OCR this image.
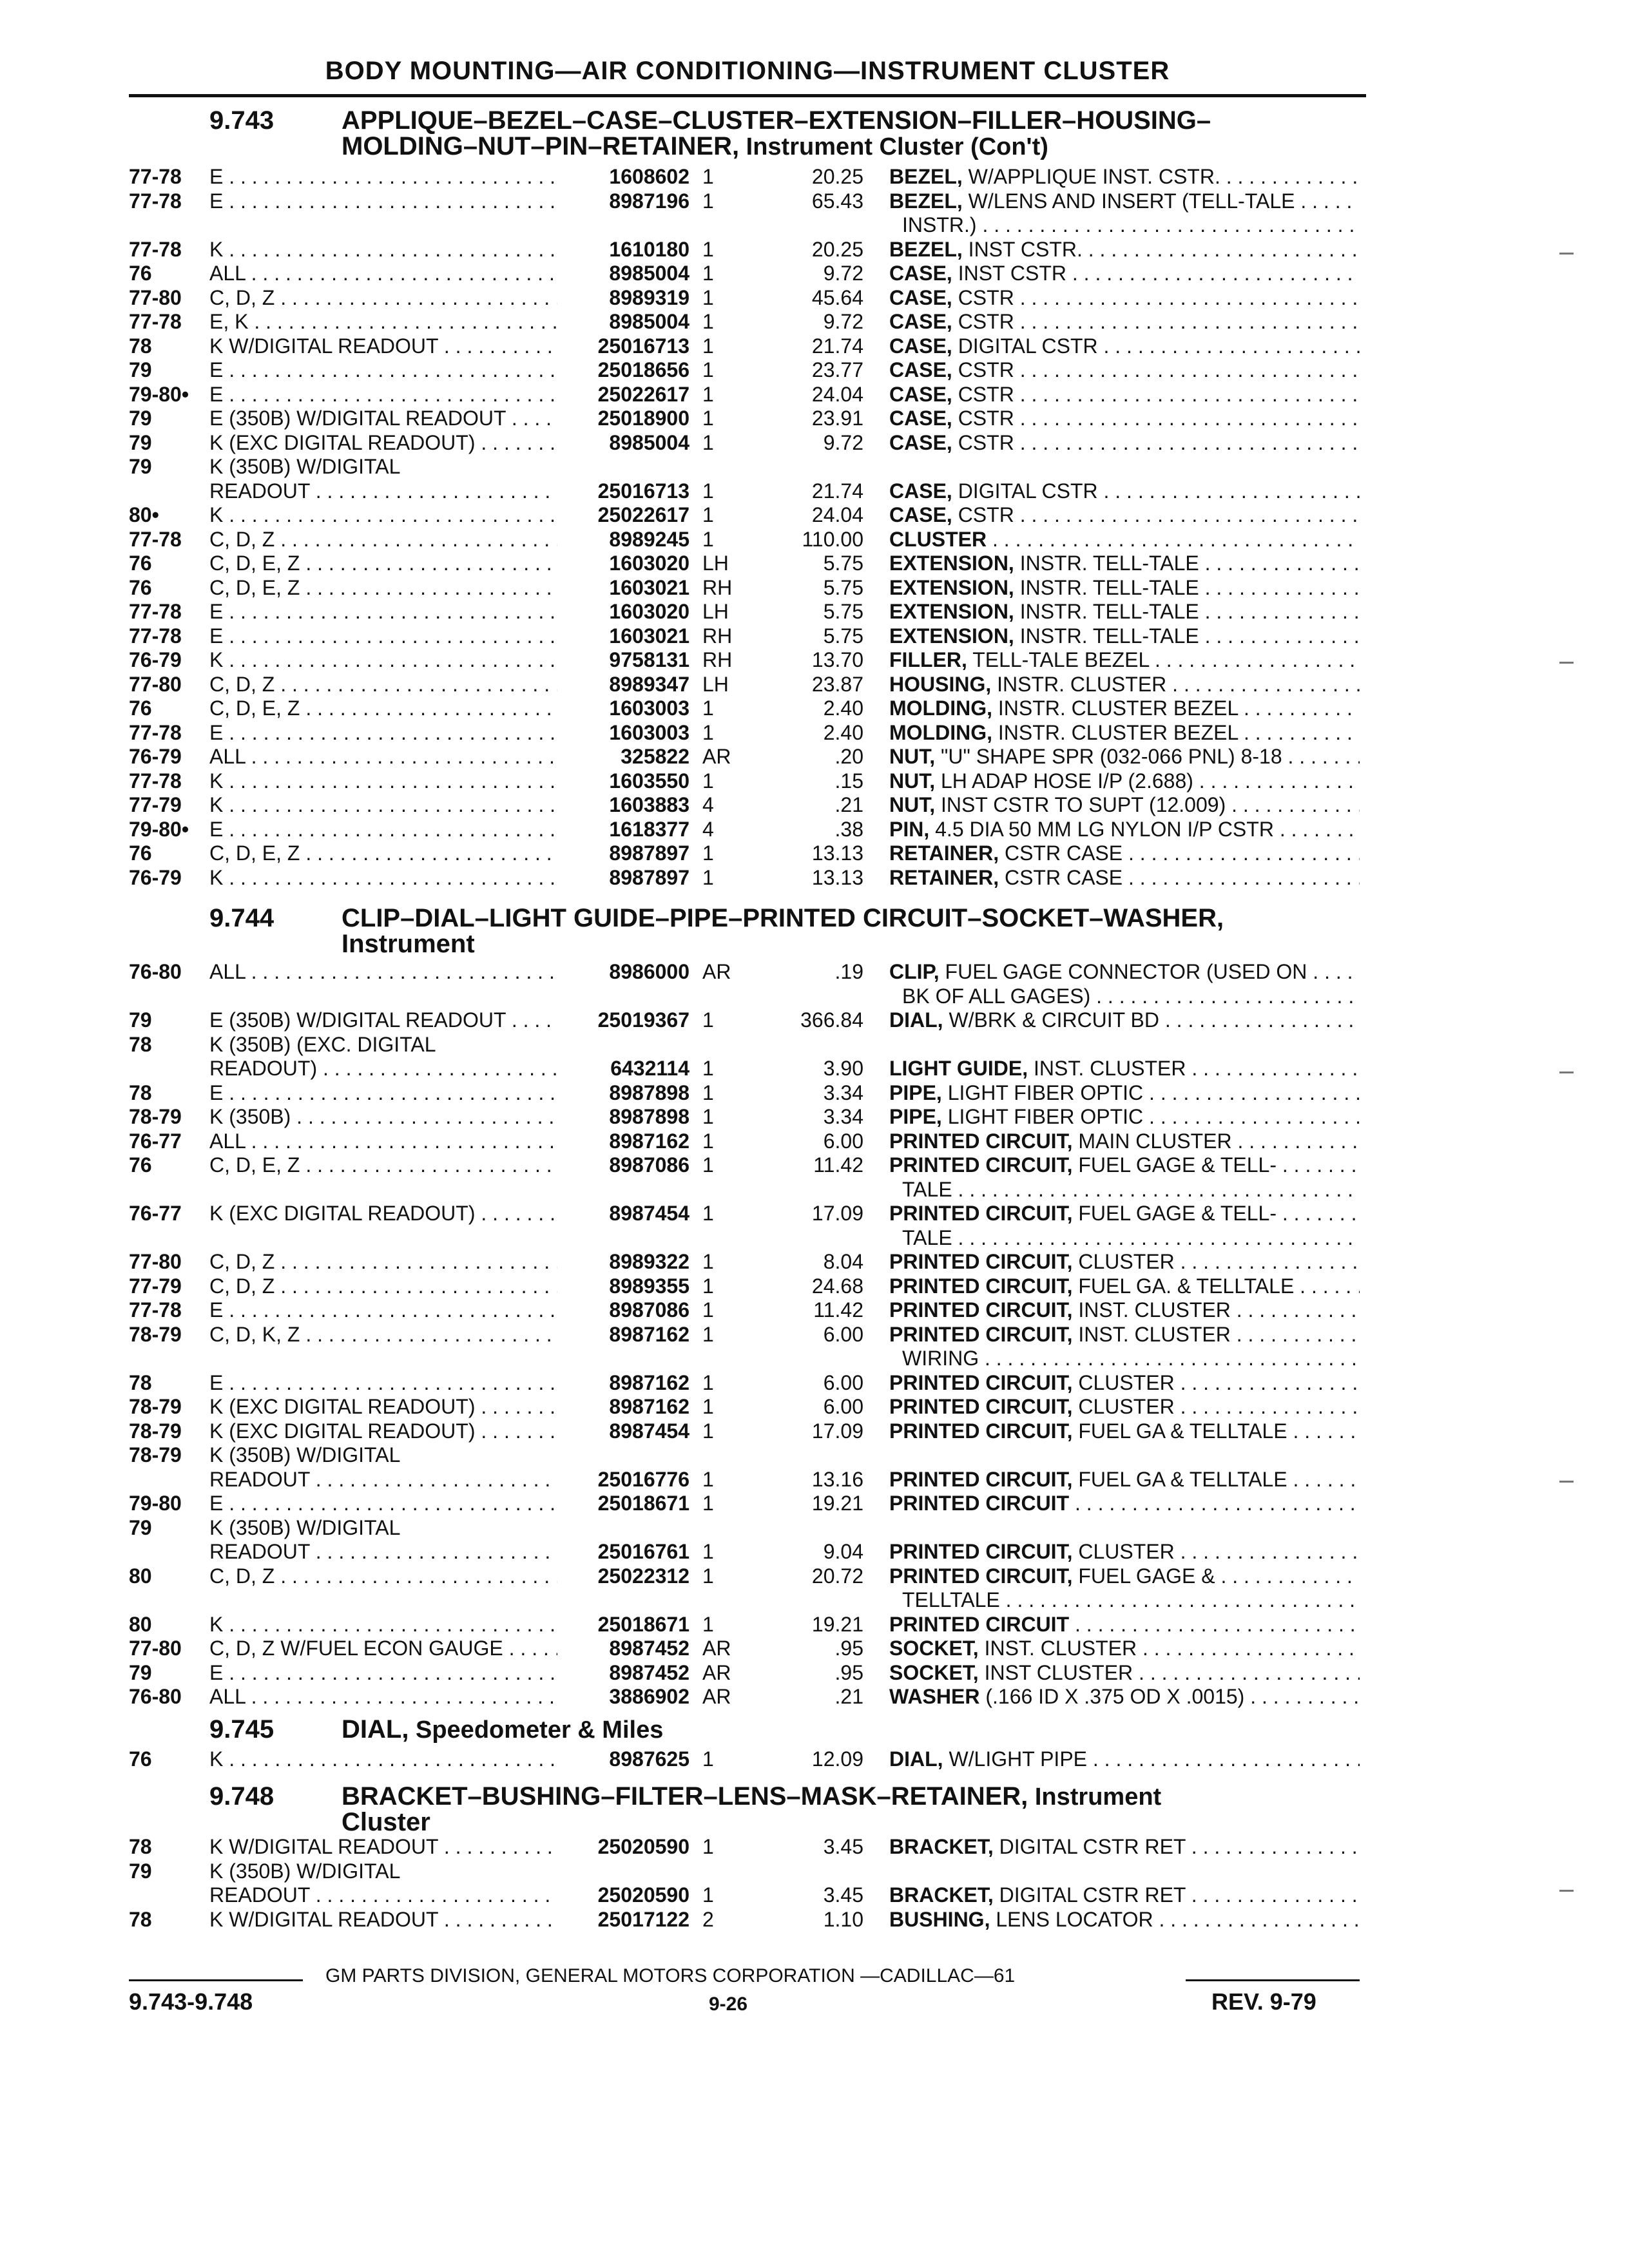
BODY MOUNTING—AIR CONDITIONING—INSTRUMENT CLUSTER
9.743	APPLIQUE–BEZEL–CASE–CLUSTER–EXTENSION–FILLER–HOUSING–
MOLDING–NUT–PIN–RETAINER, Instrument Cluster (Con't)
77-78	E . . .	1608602 1	20.25 BEZEL, W/APPLIQUE INST. CSTR. . . .
77-78	E . . .	8987196 1	65.43 BEZEL, W/LENS AND INSERT (TELL-TALE . . .
INSTR.) . . .
77-78	K . . .	1610180 1	20.25 BEZEL, INST CSTR. . . .
76	ALL . . .	8985004 1	9.72 CASE, INST CSTR . . .
77-80	C, D, Z . . .	8989319 1	45.64 CASE, CSTR . . .
77-78	E, K . . .	8985004 1	9.72 CASE, CSTR . . .
78	K W/DIGITAL READOUT . . .	25016713 1	21.74 CASE, DIGITAL CSTR . . .
79	E . . .	25018656 1	23.77 CASE, CSTR . . .
79-80• E . . .	25022617 1	24.04 CASE, CSTR . . .
79	E (350B) W/DIGITAL READOUT . . .	25018900 1	23.91 CASE, CSTR . . .
79	K (EXC DIGITAL READOUT) . . .	8985004 1	9.72 CASE, CSTR . . .
79	K (350B) W/DIGITAL
READOUT . . .	25016713 1	21.74 CASE, DIGITAL CSTR . . .
80•	K . . .	25022617 1	24.04 CASE, CSTR . . .
77-78	C, D, Z . . .	8989245 1	110.00 CLUSTER . . .
76	C, D, E, Z . . .	1603020 LH	5.75 EXTENSION, INSTR. TELL-TALE . . .
76	C, D, E, Z . . .	1603021 RH	5.75 EXTENSION, INSTR. TELL-TALE . . .
77-78	E . . .	1603020 LH	5.75 EXTENSION, INSTR. TELL-TALE . . .
77-78	E . . .	1603021 RH	5.75 EXTENSION, INSTR. TELL-TALE . . .
76-79	K . . .	9758131 RH	13.70 FILLER, TELL-TALE BEZEL . . .
77-80	C, D, Z . . .	8989347 LH	23.87 HOUSING, INSTR. CLUSTER . . .
76	C, D, E, Z . . .	1603003 1	2.40 MOLDING, INSTR. CLUSTER BEZEL . . .
77-78	E . . .	1603003 1	2.40 MOLDING, INSTR. CLUSTER BEZEL . . .
76-79	ALL . . .	325822 AR	.20 NUT, "U" SHAPE SPR (032-066 PNL) 8-18 . . .
77-78	K . . .	1603550 1	.15 NUT, LH ADAP HOSE I/P (2.688) . . .
77-79	K . . .	1603883 4	.21 NUT, INST CSTR TO SUPT (12.009) . . .
79-80• E . . .	1618377 4	.38 PIN, 4.5 DIA 50 MM LG NYLON I/P CSTR . . . .
76	C, D, E, Z . . .	8987897 1	13.13 RETAINER, CSTR CASE . . .
76-79	K . . .	8987897 1	13.13 RETAINER, CSTR CASE . . .
9.744	CLIP–DIAL–LIGHT GUIDE–PIPE–PRINTED CIRCUIT–SOCKET–WASHER,
Instrument
76-80	ALL . . .	8986000 AR	.19 CLIP, FUEL GAGE CONNECTOR (USED ON . . .
BK OF ALL GAGES) . . .
79	E (350B) W/DIGITAL READOUT . . .	25019367 1	366.84 DIAL, W/BRK & CIRCUIT BD . . .
78	K (350B) (EXC. DIGITAL
READOUT) . . .	6432114 1	3.90 LIGHT GUIDE, INST. CLUSTER . . .
78	E . . .	8987898 1	3.34 PIPE, LIGHT FIBER OPTIC . . .
78-79	K (350B) . . .	8987898 1	3.34 PIPE, LIGHT FIBER OPTIC . . .
76-77	ALL . . .	8987162 1	6.00 PRINTED CIRCUIT, MAIN CLUSTER . . .
76	C, D, E, Z . . .	8987086 1	11.42 PRINTED CIRCUIT, FUEL GAGE & TELL- . . .
TALE . . .
76-77	K (EXC DIGITAL READOUT) . . .	8987454 1	17.09 PRINTED CIRCUIT, FUEL GAGE & TELL- . . .
TALE . . .
77-80	C, D, Z . . .	8989322 1	8.04 PRINTED CIRCUIT, CLUSTER . . .
77-79	C, D, Z . . .	8989355 1	24.68 PRINTED CIRCUIT, FUEL GA. & TELLTALE . . .
77-78	E . . .	8987086 1	11.42 PRINTED CIRCUIT, INST. CLUSTER . . .
78-79	C, D, K, Z . . .	8987162 1	6.00 PRINTED CIRCUIT, INST. CLUSTER . . .
WIRING . . .
78	E . . .	8987162 1	6.00 PRINTED CIRCUIT, CLUSTER . . .
78-79	K (EXC DIGITAL READOUT) . . .	8987162 1	6.00 PRINTED CIRCUIT, CLUSTER . . .
78-79	K (EXC DIGITAL READOUT) . . .	8987454 1	17.09 PRINTED CIRCUIT, FUEL GA & TELLTALE . . .
78-79	K (350B) W/DIGITAL
READOUT . . .	25016776 1	13.16 PRINTED CIRCUIT, FUEL GA & TELLTALE . . .
79-80	E . . .	25018671 1	19.21 PRINTED CIRCUIT . . .
79	K (350B) W/DIGITAL
READOUT . . .	25016761 1	9.04 PRINTED CIRCUIT, CLUSTER . . .
80	C, D, Z . . .	25022312 1	20.72 PRINTED CIRCUIT, FUEL GAGE & . . .
TELLTALE . . .
80	K . . .	25018671 1	19.21 PRINTED CIRCUIT . . .
77-80	C, D, Z W/FUEL ECON GAUGE . . . .	8987452 AR	.95 SOCKET, INST. CLUSTER . . .
79	E . . .	8987452 AR	.95 SOCKET, INST CLUSTER . . .
76-80	ALL . . .	3886902 AR	.21 WASHER (.166 ID X .375 OD X .0015) . . . . . .
9.745	DIAL, Speedometer & Miles
76	K . . .	8987625 1	12.09 DIAL, W/LIGHT PIPE . . .
9.748	BRACKET–BUSHING–FILTER–LENS–MASK–RETAINER, Instrument
Cluster
78	K W/DIGITAL READOUT . . .	25020590 1	3.45 BRACKET, DIGITAL CSTR RET . . .
79	K (350B) W/DIGITAL
READOUT . . .	25020590 1	3.45 BRACKET, DIGITAL CSTR RET . . .
78	K W/DIGITAL READOUT . . .	25017122 2	1.10 BUSHING, LENS LOCATOR . . .
GM PARTS DIVISION, GENERAL MOTORS CORPORATION —CADILLAC—61
9.743-9.748	9-26	REV. 9-79
